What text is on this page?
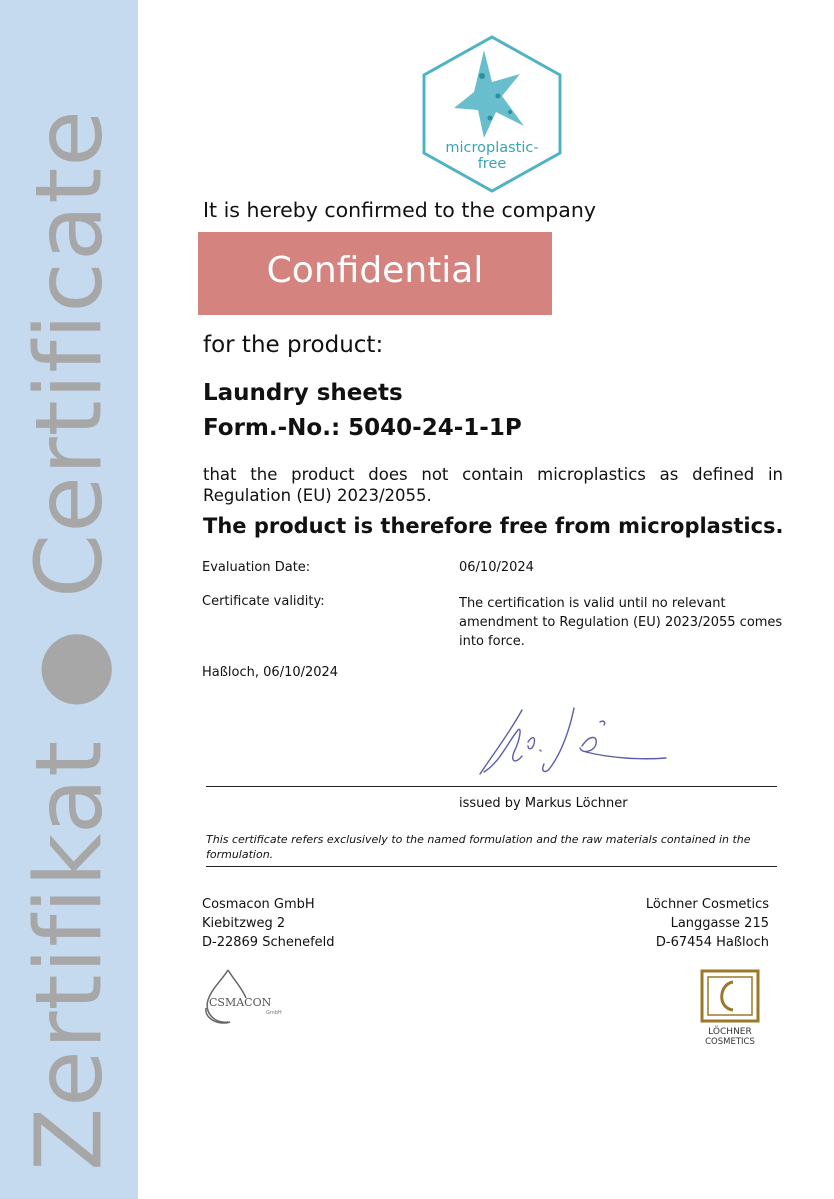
Zertifikat ● Certificate	microplastic-
free
It is hereby confirmed to the company
Confidential
for the product:
Laundry sheets
Form.-No.: 5040-24-1-1P
that the product does not contain microplastics as defined in Regulation (EU) 2023/2055.
The product is therefore free from microplastics.
Evaluation Date:	06/10/2024
Certificate validity:	The certification is valid until no relevant amendment to Regulation (EU) 2023/2055 comes into force.
Haßloch, 06/10/2024
issued by Markus Löchner
This certificate refers exclusively to the named formulation and the raw materials contained in the formulation.
Cosmacon GmbH
Kiebitzweg 2
D-22869 Schenefeld
Löchner Cosmetics
Langgasse 215
D-67454 Haßloch
CSMACON
GmbH
LÖCHNER
COSMETICS
